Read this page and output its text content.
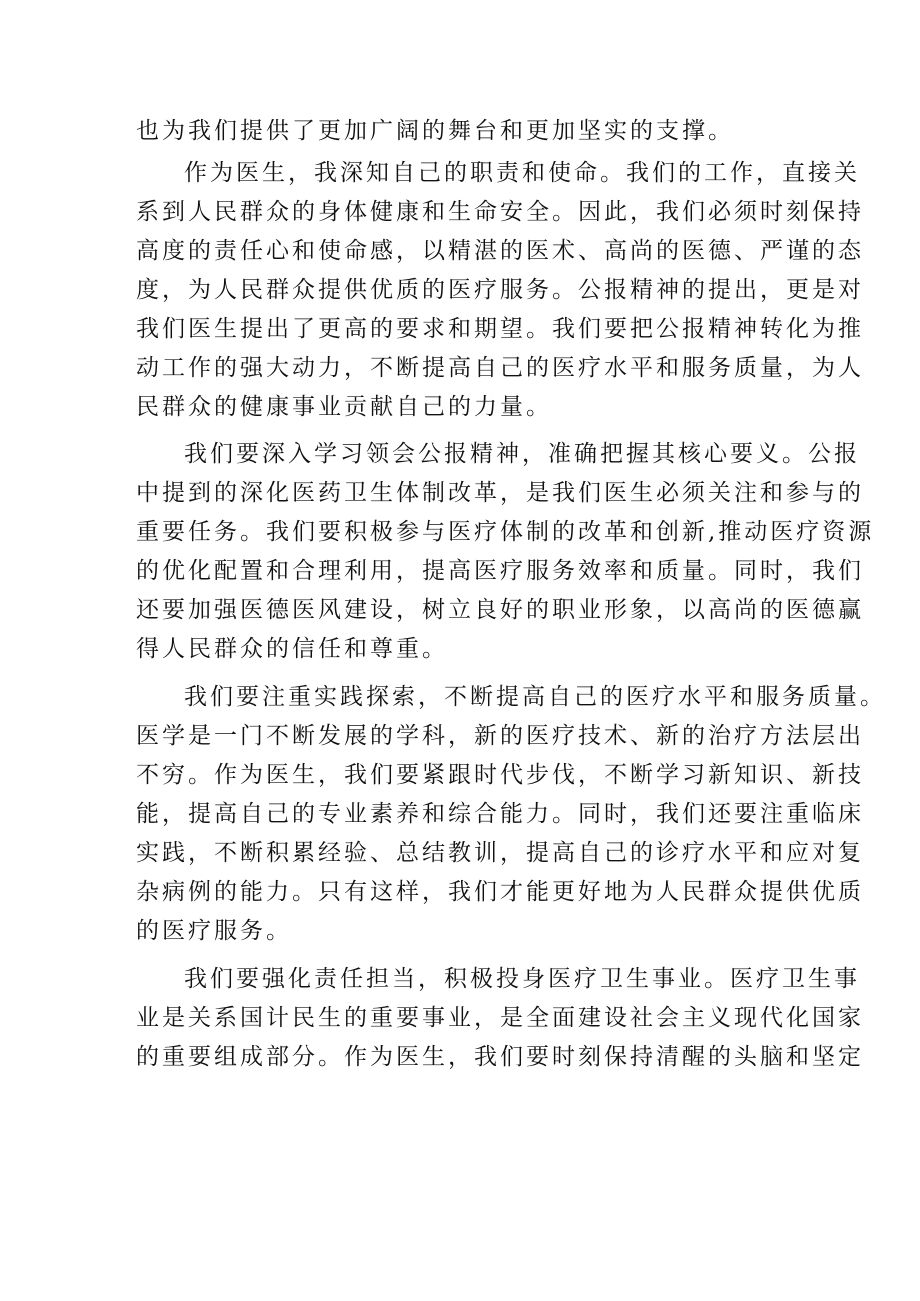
也为我们提供了更加广阔的舞台和更加坚实的支撑。
作为医生，我深知自己的职责和使命。我们的工作，直接关
系到人民群众的身体健康和生命安全。因此，我们必须时刻保持
高度的责任心和使命感，以精湛的医术、高尚的医德、严谨的态
度，为人民群众提供优质的医疗服务。公报精神的提出，更是对
我们医生提出了更高的要求和期望。我们要把公报精神转化为推
动工作的强大动力，不断提高自己的医疗水平和服务质量，为人
民群众的健康事业贡献自己的力量。
我们要深入学习领会公报精神，准确把握其核心要义。公报
中提到的深化医药卫生体制改革，是我们医生必须关注和参与的
重要任务。我们要积极参与医疗体制的改革和创新,推动医疗资源
的优化配置和合理利用，提高医疗服务效率和质量。同时，我们
还要加强医德医风建设，树立良好的职业形象，以高尚的医德赢
得人民群众的信任和尊重。
我们要注重实践探索，不断提高自己的医疗水平和服务质量。
医学是一门不断发展的学科，新的医疗技术、新的治疗方法层出
不穷。作为医生，我们要紧跟时代步伐，不断学习新知识、新技
能，提高自己的专业素养和综合能力。同时，我们还要注重临床
实践，不断积累经验、总结教训，提高自己的诊疗水平和应对复
杂病例的能力。只有这样，我们才能更好地为人民群众提供优质
的医疗服务。
我们要强化责任担当，积极投身医疗卫生事业。医疗卫生事
业是关系国计民生的重要事业，是全面建设社会主义现代化国家
的重要组成部分。作为医生，我们要时刻保持清醒的头脑和坚定
